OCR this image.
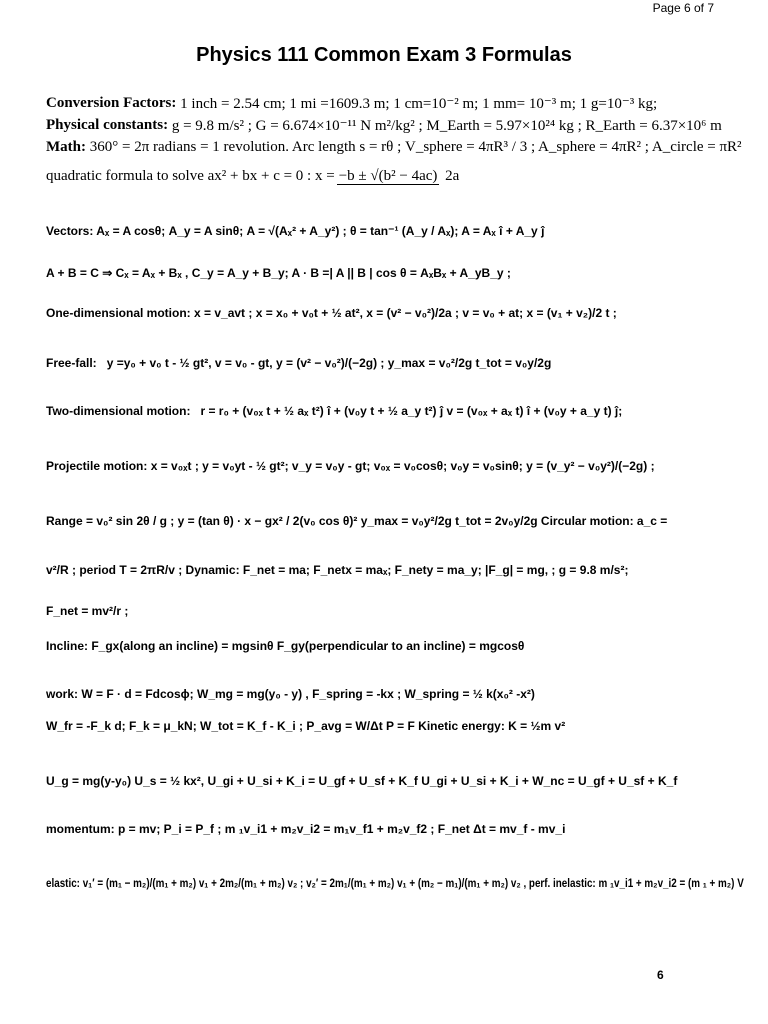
Page 6 of 7
Physics 111 Common Exam 3 Formulas
Conversion Factors:
1 inch = 2.54 cm; 1 mi =1609.3 m; 1 cm=10⁻² m; 1 mm= 10⁻³ m; 1 g=10⁻³ kg;
Physical constants:
g = 9.8 m/s² ; G = 6.674×10⁻¹¹ N m²/kg² ; M_Earth = 5.97×10²⁴ kg ; R_Earth = 6.37×10⁶ m
Math:
360° = 2π radians = 1 revolution. Arc length s = rθ ; V_sphere = 4πR³ / 3 ; A_sphere = 4πR² ; A_circle = πR²
quadratic formula to solve ax² + bx + c = 0 : x = −b ± √(b² − 4ac) 2a
Vectors: Aₓ = A cosθ; A_y = A sinθ; A = √(Aₓ² + A_y²) ; θ = tan⁻¹ (A_y / Aₓ); A = Aₓ î + A_y ĵ
A + B = C ⇒ Cₓ = Aₓ + Bₓ , C_y = A_y + B_y; A · B =| A || B | cos θ = AₓBₓ + A_yB_y ;
One-dimensional motion : x = v_avt ; x = x₀ + v₀t + ½ at², x = (v² − v₀²)/2a ; v = v₀ + at; x = (v₁ + v₂)/2 t ;
Free-fall:
y =y₀ + v₀ t - ½ gt², v = v₀ - gt, y = (v² − v₀²)/(−2g) ; y_max = v₀²/2g t_tot = v₀y/2g
Two-dimensional motion:
r = r₀ + (v₀ₓ t + ½ aₓ t²) î + (v₀y t + ½ a_y t²) ĵ v = (v₀ₓ + aₓ t) î + (v₀y + a_y t) ĵ;
Projectile motion : x = v₀ₓt ; y = v₀yt - ½ gt²; v_y = v₀y - gt; v₀ₓ = v₀cosθ; v₀y = v₀sinθ; y = (v_y² − v₀y²)/(−2g) ;
Range =
v₀² sin 2θ / g ; y = (tan θ) · x − gx² / 2(v₀ cos θ)² y_max = v₀y²/2g t_tot = 2v₀y/2g Circular motion: a_c =
v²/R ; period T = 2πR/v ; Dynamic: F_net = ma; F_netx = maₓ; F_nety = ma_y; |F_g| = mg, ; g = 9.8 m/s²;
F_net = mv²/r ;
Incline: F_gx(along an incline) = mgsinθ F_gy(perpendicular to an incline) = mgcosθ
work: W = F · d = Fdcosϕ; W_mg = mg(y₀ - y) , F_spring = -kx ; W_spring = ½ k(x₀² -x²)
W_fr = -F_k d; F_k = μ_kN; W_tot = K_f - K_i ; P_avg = W/Δt P = F Kinetic energy: K = ½m v²
U_g = mg(y-y₀) U_s = ½ kx², U_gi + U_si + K_i = U_gf + U_sf + K_f U_gi + U_si + K_i + W_nc = U_gf + U_sf + K_f
momentum: p = mv; P_i = P_f ; m ₁v_i1 + m₂v_i2 = m₁v_f1 + m₂v_f2 ; F_net Δt = mv_f - mv_i
elastic: v₁′ = (m₁ − m₂)/(m₁ + m₂) v₁ + 2m₂/(m₁ + m₂) v₂ ; v₂′ = 2m₁/(m₁ + m₂) v₁ + (m₂ − m₁)/(m₁ + m₂) v₂ , perf. inelastic: m ₁v_i1 + m₂v_i2 = (m ₁ + m₂) V
6
